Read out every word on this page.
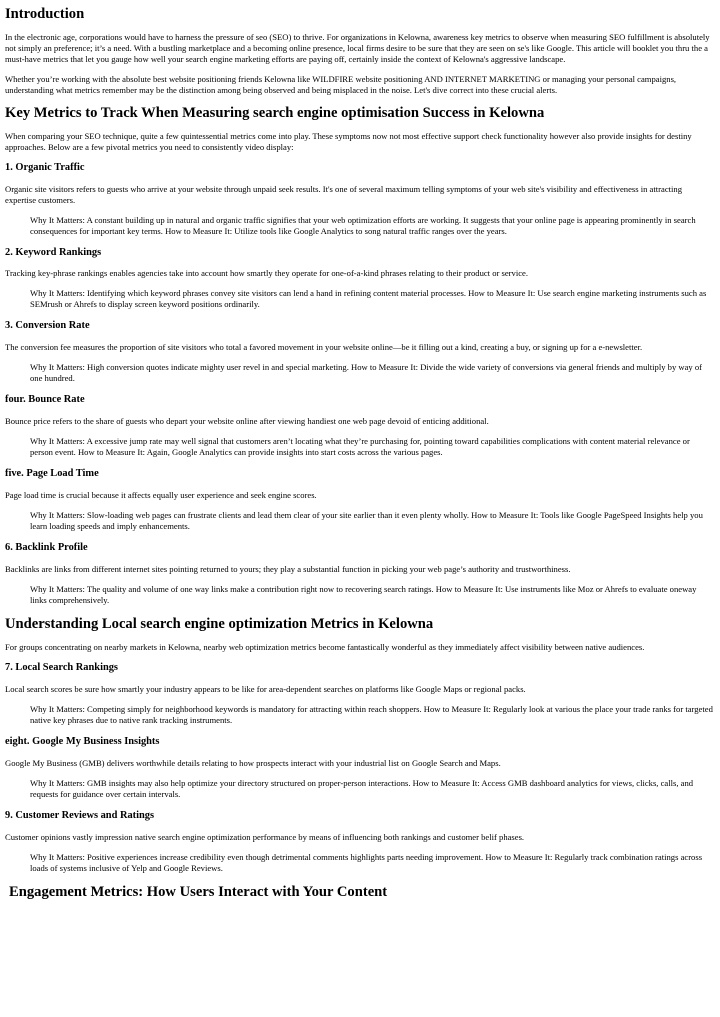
Introduction

In the electronic age, corporations would have to harness the pressure of seo (SEO) to thrive. For organizations in Kelowna, awareness key metrics to observe when measuring SEO fulfillment is absolutely not simply an preference; it’s a need. With a bustling marketplace and a becoming online presence, local firms desire to be sure that they are seen on se's like Google. This article will booklet you thru the a must-have metrics that let you gauge how well your search engine marketing efforts are paying off, certainly inside the context of Kelowna's aggressive landscape.

Whether you’re working with the absolute best website positioning friends Kelowna like WILDFIRE website positioning AND INTERNET MARKETING or managing your personal campaigns, understanding what metrics remember may be the distinction among being observed and being misplaced in the noise. Let's dive correct into these crucial alerts.

Key Metrics to Track When Measuring search engine optimisation Success in Kelowna

When comparing your SEO technique, quite a few quintessential metrics come into play. These symptoms now not most effective support check functionality however also provide insights for destiny approaches. Below are a few pivotal metrics you need to consistently video display:

1. Organic Traffic

Organic site visitors refers to guests who arrive at your website through unpaid seek results. It's one of several maximum telling symptoms of your web site's visibility and effectiveness in attracting expertise customers.

Why It Matters: A constant building up in natural and organic traffic signifies that your web optimization efforts are working. It suggests that your online page is appearing prominently in search consequences for important key terms. How to Measure It: Utilize tools like Google Analytics to song natural traffic ranges over the years.
2. Keyword Rankings

Tracking key-phrase rankings enables agencies take into account how smartly they operate for one-of-a-kind phrases relating to their product or service.

Why It Matters: Identifying which keyword phrases convey site visitors can lend a hand in refining content material processes. How to Measure It: Use search engine marketing instruments such as SEMrush or Ahrefs to display screen keyword positions ordinarily.
3. Conversion Rate

The conversion fee measures the proportion of site visitors who total a favored movement in your website online—be it filling out a kind, creating a buy, or signing up for a e-newsletter.

Why It Matters: High conversion quotes indicate mighty user revel in and special marketing. How to Measure It: Divide the wide variety of conversions via general friends and multiply by way of one hundred.
four. Bounce Rate

Bounce price refers to the share of guests who depart your website online after viewing handiest one web page devoid of enticing additional.

Why It Matters: A excessive jump rate may well signal that customers aren’t locating what they’re purchasing for, pointing toward capabilities complications with content material relevance or person event. How to Measure It: Again, Google Analytics can provide insights into start costs across the various pages.
five. Page Load Time

Page load time is crucial because it affects equally user experience and seek engine scores.

Why It Matters: Slow-loading web pages can frustrate clients and lead them clear of your site earlier than it even plenty wholly. How to Measure It: Tools like Google PageSpeed Insights help you learn loading speeds and imply enhancements.
6. Backlink Profile

Backlinks are links from different internet sites pointing returned to yours; they play a substantial function in picking your web page’s authority and trustworthiness.

Why It Matters: The quality and volume of one way links make a contribution right now to recovering search ratings. How to Measure It: Use instruments like Moz or Ahrefs to evaluate oneway links comprehensively.
Understanding Local search engine optimization Metrics in Kelowna

For groups concentrating on nearby markets in Kelowna, nearby web optimization metrics become fantastically wonderful as they immediately affect visibility between native audiences.

7. Local Search Rankings

Local search scores be sure how smartly your industry appears to be like for area-dependent searches on platforms like Google Maps or regional packs.

Why It Matters: Competing simply for neighborhood keywords is mandatory for attracting within reach shoppers. How to Measure It: Regularly look at various the place your trade ranks for targeted native key phrases due to native rank tracking instruments.
eight. Google My Business Insights

Google My Business (GMB) delivers worthwhile details relating to how prospects interact with your industrial list on Google Search and Maps.

Why It Matters: GMB insights may also help optimize your directory structured on proper-person interactions. How to Measure It: Access GMB dashboard analytics for views, clicks, calls, and requests for guidance over certain intervals.
9. Customer Reviews and Ratings

Customer opinions vastly impression native search engine optimization performance by means of influencing both rankings and customer belif phases.

Why It Matters: Positive experiences increase credibility even though detrimental comments highlights parts needing improvement. How to Measure It: Regularly track combination ratings across loads of systems inclusive of Yelp and Google Reviews.
Engagement Metrics: How Users Interact with Your Content
